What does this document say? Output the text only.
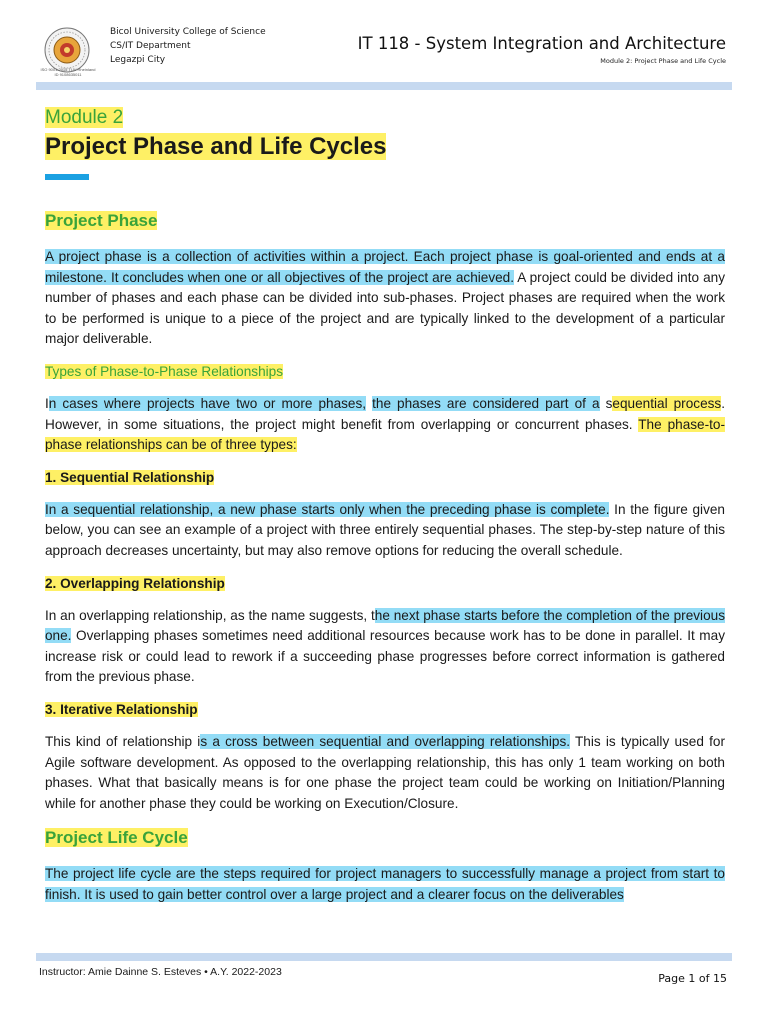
ISO 9001:2015 TUV Rheinland ID 9108635011
Bicol University College of Science
CS/IT Department
Legazpi City
IT 118 - System Integration and Architecture
Module 2: Project Phase and Life Cycle

Module 2

Project Phase and Life Cycles
Project Phase

A project phase is a collection of activities within a project. Each project phase is goal-oriented and ends at a milestone. It concludes when one or all objectives of the project are achieved. A project could be divided into any number of phases and each phase can be divided into sub-phases. Project phases are required when the work to be performed is unique to a piece of the project and are typically linked to the development of a particular major deliverable.

Types of Phase-to-Phase Relationships

In cases where projects have two or more phases, the phases are considered part of a sequential process. However, in some situations, the project might benefit from overlapping or concurrent phases. The phase-to-phase relationships can be of three types:

1. Sequential Relationship

In a sequential relationship, a new phase starts only when the preceding phase is complete. In the figure given below, you can see an example of a project with three entirely sequential phases. The step-by-step nature of this approach decreases uncertainty, but may also remove options for reducing the overall schedule.

2. Overlapping Relationship

In an overlapping relationship, as the name suggests, the next phase starts before the completion of the previous one. Overlapping phases sometimes need additional resources because work has to be done in parallel. It may increase risk or could lead to rework if a succeeding phase progresses before correct information is gathered from the previous phase.

3. Iterative Relationship

This kind of relationship is a cross between sequential and overlapping relationships. This is typically used for Agile software development. As opposed to the overlapping relationship, this has only 1 team working on both phases. What that basically means is for one phase the project team could be working on Initiation/Planning while for another phase they could be working on Execution/Closure.

Project Life Cycle

The project life cycle are the steps required for project managers to successfully manage a project from start to finish. It is used to gain better control over a large project and a clearer focus on the deliverables

Instructor: Amie Dainne S. Esteves • A.Y. 2022-2023	Page 1 of 15
